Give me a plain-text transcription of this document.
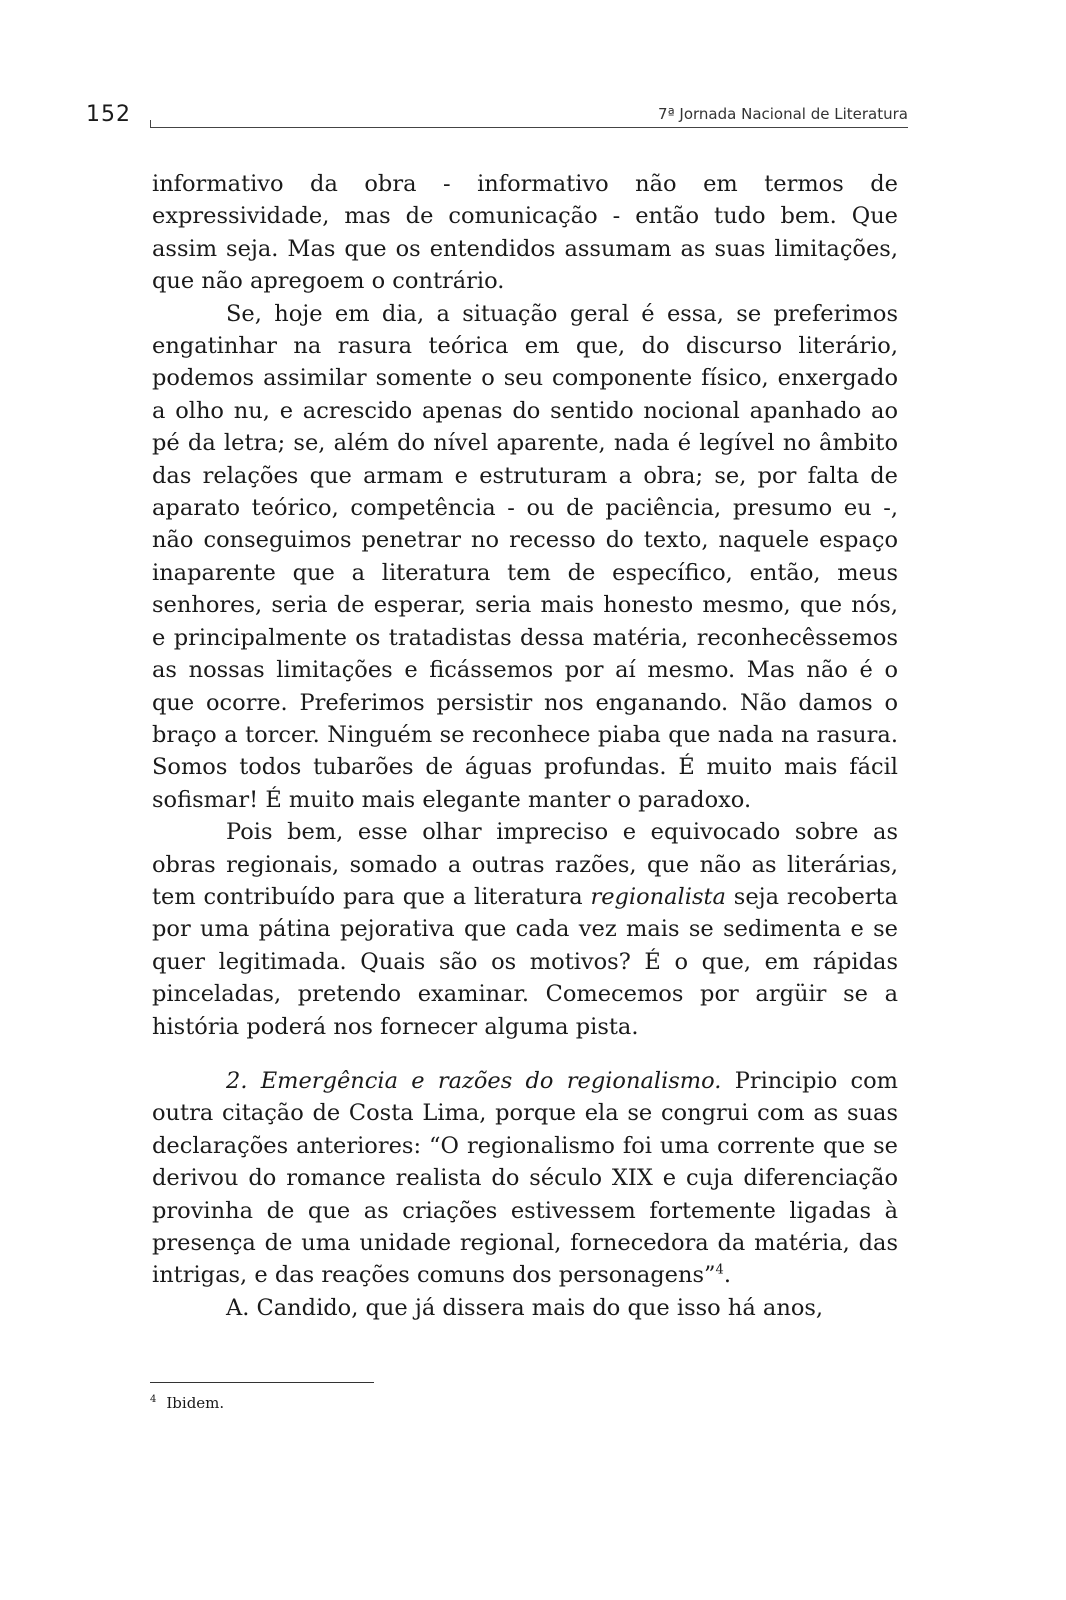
152	7ª Jornada Nacional de Literatura

informativo da obra - informativo não em termos de expressividade, mas de comunicação - então tudo bem. Que assim seja. Mas que os entendidos assumam as suas limitações, que não apregoem o contrário.

Se, hoje em dia, a situação geral é essa, se preferimos engatinhar na rasura teórica em que, do discurso literário, podemos assimilar somente o seu componente físico, enxergado a olho nu, e acrescido apenas do sentido nocional apanhado ao pé da letra; se, além do nível aparente, nada é legível no âmbito das relações que armam e estruturam a obra; se, por falta de aparato teórico, competência - ou de paciência, presumo eu -, não conseguimos penetrar no recesso do texto, naquele espaço inaparente que a literatura tem de específico, então, meus senhores, seria de esperar, seria mais honesto mesmo, que nós, e principalmente os tratadistas dessa matéria, reconhecêssemos as nossas limitações e ficássemos por aí mesmo. Mas não é o que ocorre. Preferimos persistir nos enganando. Não damos o braço a torcer. Ninguém se reconhece piaba que nada na rasura. Somos todos tubarões de águas profundas. É muito mais fácil sofismar! É muito mais elegante manter o paradoxo.

Pois bem, esse olhar impreciso e equivocado sobre as obras regionais, somado a outras razões, que não as literárias, tem contribuído para que a literatura regionalista seja recoberta por uma pátina pejorativa que cada vez mais se sedimenta e se quer legitimada. Quais são os motivos? É o que, em rápidas pinceladas, pretendo examinar. Comecemos por argüir se a história poderá nos fornecer alguma pista.

2. Emergência e razões do regionalismo. Principio com outra citação de Costa Lima, porque ela se congrui com as suas declarações anteriores: “O regionalismo foi uma corrente que se derivou do romance realista do século XIX e cuja diferenciação provinha de que as criações estivessem fortemente ligadas à presença de uma unidade regional, fornecedora da matéria, das intrigas, e das reações comuns dos personagens”$^4$.

A. Candido, que já dissera mais do que isso há anos,

$^4$ Ibidem.
